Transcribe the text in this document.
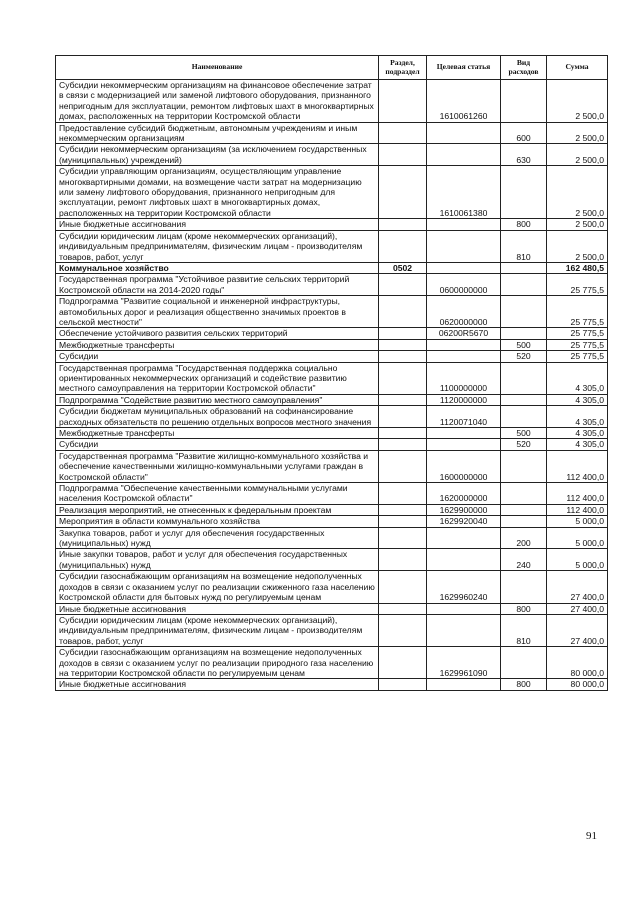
Наименование	Раздел, подраздел	Целевая статья	Вид расходов	Сумма
Субсидии некоммерческим организациям на финансовое обеспечение затрат в связи с модернизацией или заменой лифтового оборудования, признанного непригодным для эксплуатации, ремонтом лифтовых шахт в многоквартирных домах, расположенных на территории Костромской области		1610061260		2 500,0
Предоставление субсидий бюджетным, автономным учреждениям и иным некоммерческим организациям			600	2 500,0
Субсидии некоммерческим организациям (за исключением государственных (муниципальных) учреждений)			630	2 500,0
Субсидии управляющим организациям, осуществляющим управление многоквартирными домами, на возмещение части затрат на модернизацию или замену лифтового оборудования, признанного непригодным для эксплуатации, ремонт лифтовых шахт в многоквартирных домах, расположенных на территории Костромской области		1610061380		2 500,0
Иные бюджетные ассигнования			800	2 500,0
Субсидии юридическим лицам (кроме некоммерческих организаций), индивидуальным предпринимателям, физическим лицам - производителям товаров, работ, услуг			810	2 500,0
Коммунальное хозяйство	0502			162 480,5
Государственная программа "Устойчивое развитие сельских территорий Костромской области на 2014-2020 годы"		0600000000		25 775,5
Подпрограмма "Развитие социальной и инженерной инфраструктуры, автомобильных дорог и реализация общественно значимых проектов в сельской местности"		0620000000		25 775,5
Обеспечение устойчивого развития сельских территорий		06200R5670		25 775,5
Межбюджетные трансферты			500	25 775,5
Субсидии			520	25 775,5
Государственная программа "Государственная поддержка социально ориентированных некоммерческих организаций и содействие развитию местного самоуправления на территории Костромской области"		1100000000		4 305,0
Подпрограмма "Содействие развитию местного самоуправления"		1120000000		4 305,0
Субсидии бюджетам муниципальных образований на софинансирование расходных обязательств по решению отдельных вопросов местного значения		1120071040		4 305,0
Межбюджетные трансферты			500	4 305,0
Субсидии			520	4 305,0
Государственная программа "Развитие жилищно-коммунального хозяйства и обеспечение качественными жилищно-коммунальными услугами граждан в Костромской области"		1600000000		112 400,0
Подпрограмма "Обеспечение качественными коммунальными услугами населения Костромской области"		1620000000		112 400,0
Реализация мероприятий, не отнесенных к федеральным проектам		1629900000		112 400,0
Мероприятия в области коммунального хозяйства		1629920040		5 000,0
Закупка товаров, работ и услуг для обеспечения государственных (муниципальных) нужд			200	5 000,0
Иные закупки товаров, работ и услуг для обеспечения государственных (муниципальных) нужд			240	5 000,0
Субсидии газоснабжающим организациям на возмещение недополученных доходов в связи с оказанием услуг по реализации сжиженного газа населению Костромской области для бытовых нужд по регулируемым ценам		1629960240		27 400,0
Иные бюджетные ассигнования			800	27 400,0
Субсидии юридическим лицам (кроме некоммерческих организаций), индивидуальным предпринимателям, физическим лицам - производителям товаров, работ, услуг			810	27 400,0
Субсидии газоснабжающим организациям на возмещение недополученных доходов в связи с оказанием услуг по реализации природного газа населению на территории Костромской области по регулируемым ценам		1629961090		80 000,0
Иные бюджетные ассигнования			800	80 000,0
91
